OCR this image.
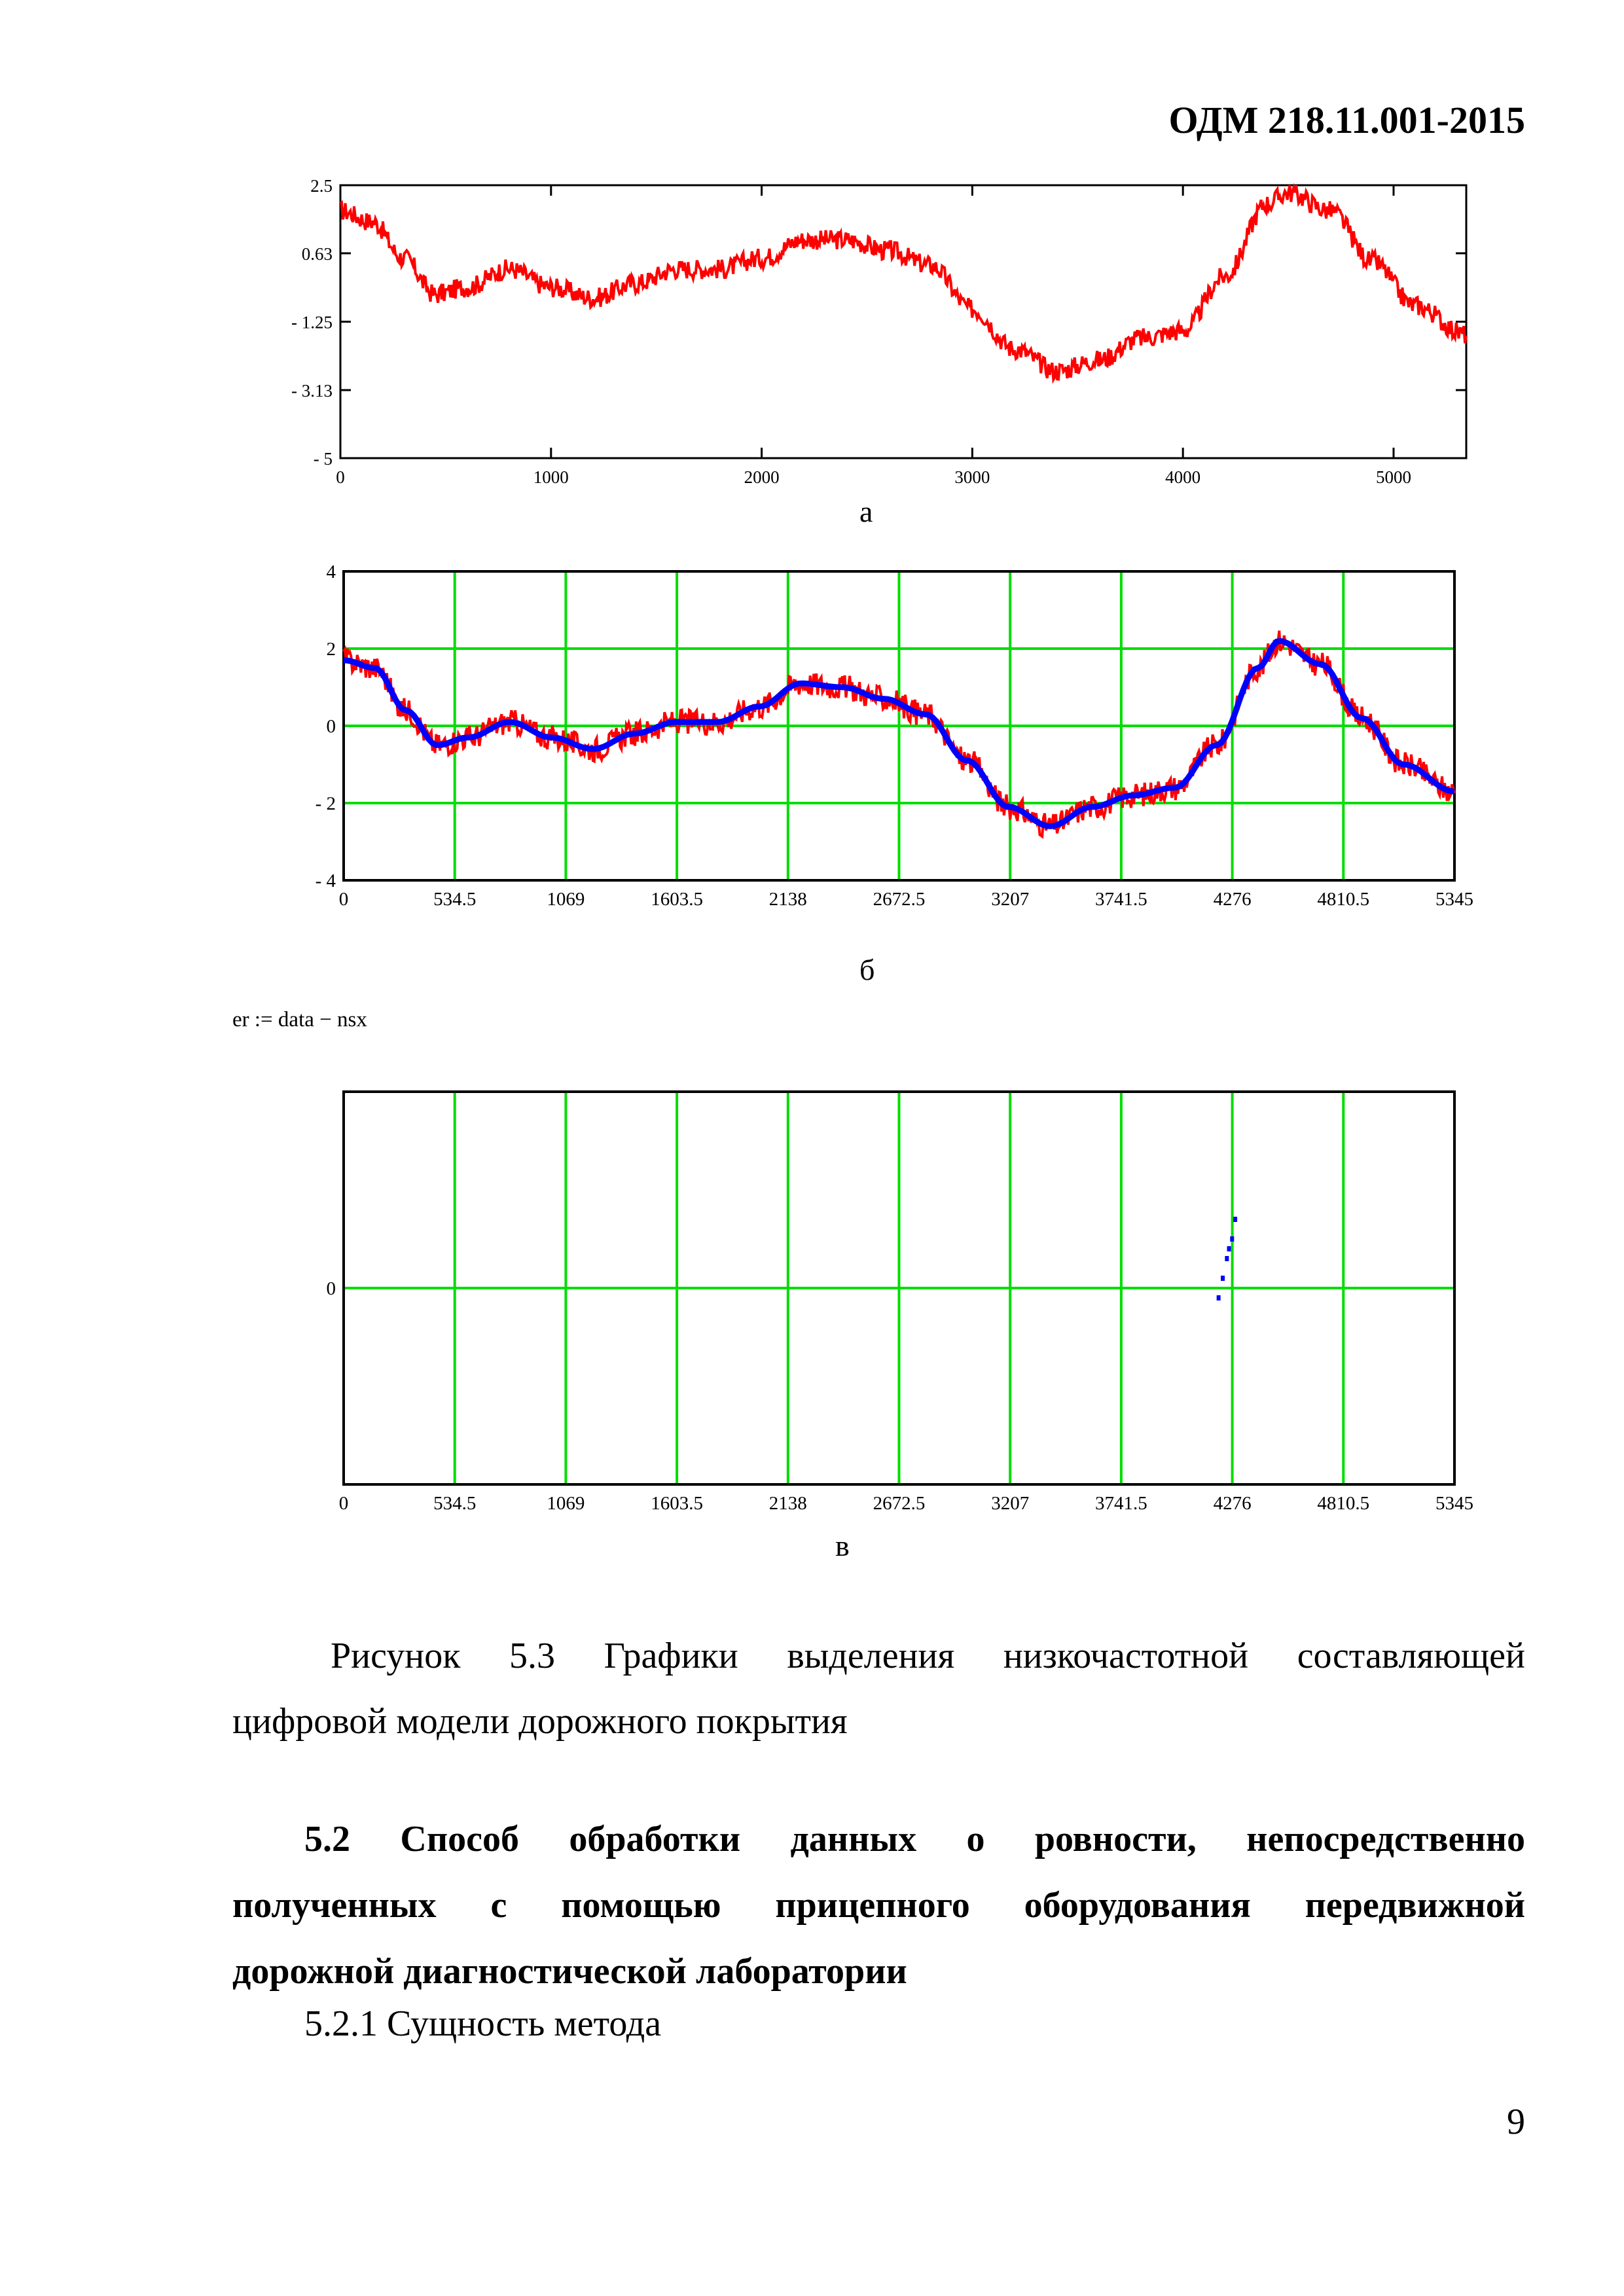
ОДМ 218.11.001-2015
2.5
0.63
- 1.25
- 3.13
- 5
0	1000	2000	3000	4000	5000
а
4
2
0
- 2
- 4
0	534.5	1069	1603.5	2138	2672.5	3207	3741.5	4276	4810.5	5345
б
er := data − nsx
0
0	534.5	1069	1603.5	2138	2672.5	3207	3741.5	4276	4810.5	5345
в
Рисунок 5.3 Графики выделения низкочастотной составляющей
цифровой модели дорожного покрытия
5.2 Способ обработки данных о ровности, непосредственно
полученных с помощью прицепного оборудования передвижной
дорожной диагностической лаборатории
5.2.1 Сущность метода
9
